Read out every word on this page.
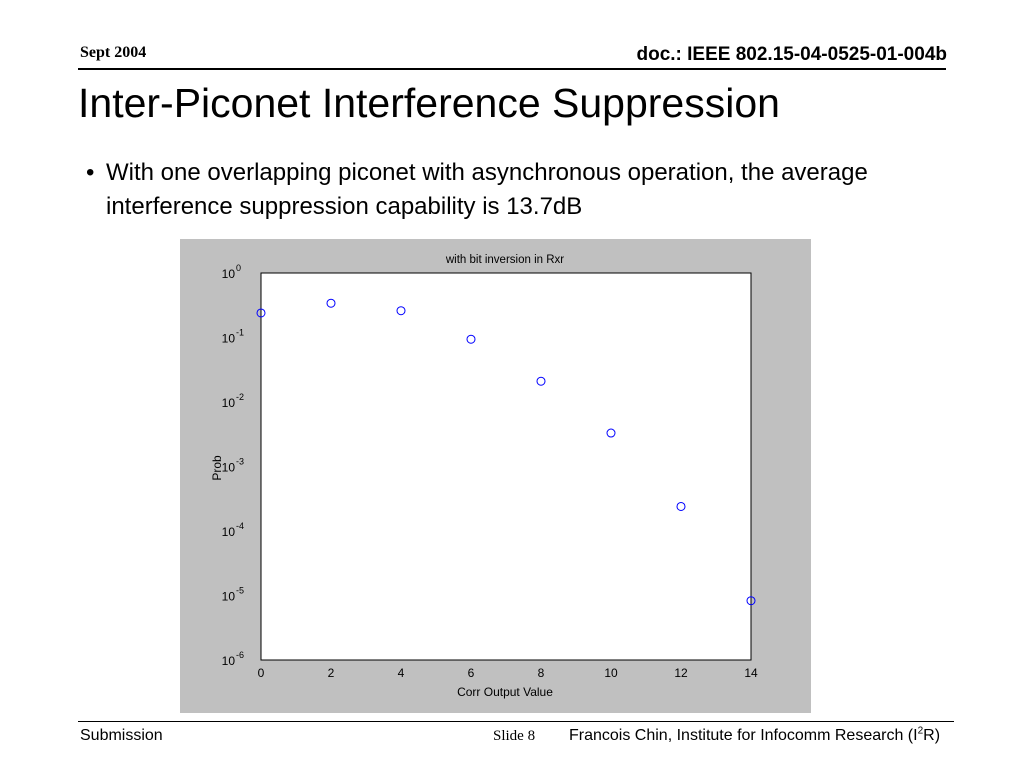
Sept 2004	doc.: IEEE 802.15-04-0525-01-004b
Inter-Piconet Interference Suppression
• With one overlapping piconet with asynchronous operation, the average interference suppression capability is 13.7dB
0	2	4	6	8	10	12	14
10 0
10 -1
10 -2
10 -3
10 -4
10 -5
10 -6
with bit inversion in Rxr
Corr Output Value
Prob
Submission	Slide 8 Francois Chin, Institute for Infocomm Research $(I^2R)$
